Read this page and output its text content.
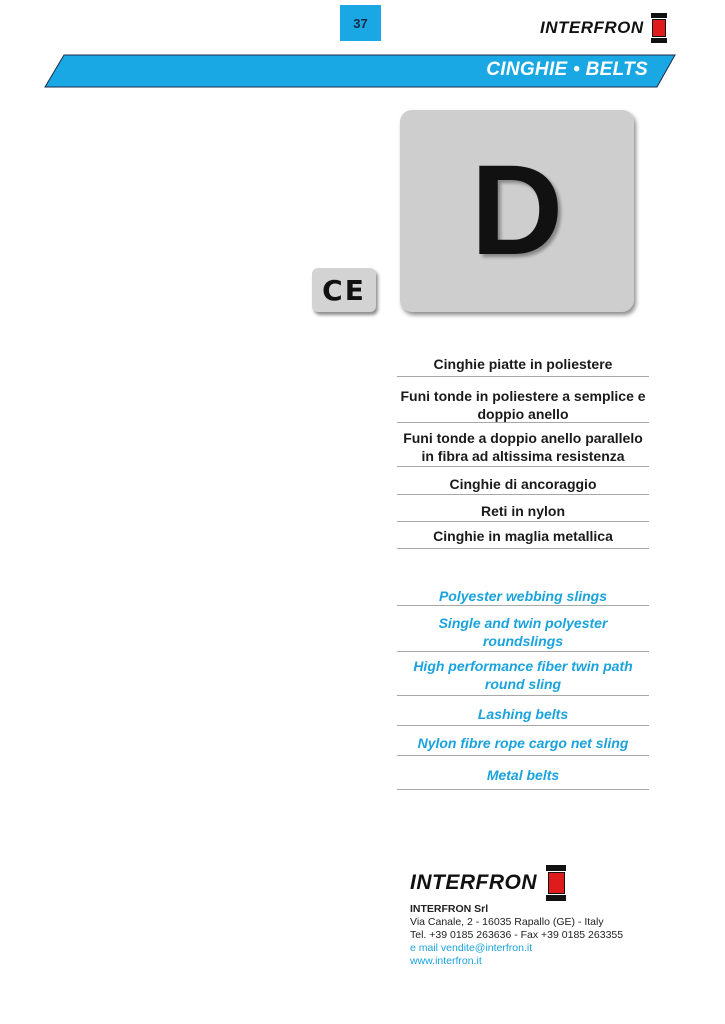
37	INTERFRON
CINGHIE • BELTS
CE
D
Cinghie piatte in poliestere
Funi tonde in poliestere a semplice e doppio anello
Funi tonde a doppio anello parallelo in fibra ad altissima resistenza
Cinghie di ancoraggio
Reti in nylon
Cinghie in maglia metallica
Polyester webbing slings
Single and twin polyester roundslings
High performance fiber twin path round sling
Lashing belts
Nylon fibre rope cargo net sling
Metal belts
INTERFRON
INTERFRON Srl
Via Canale, 2 - 16035 Rapallo (GE) - Italy
Tel. +39 0185 263636 - Fax +39 0185 263355
e mail vendite@interfron.it
www.interfron.it
